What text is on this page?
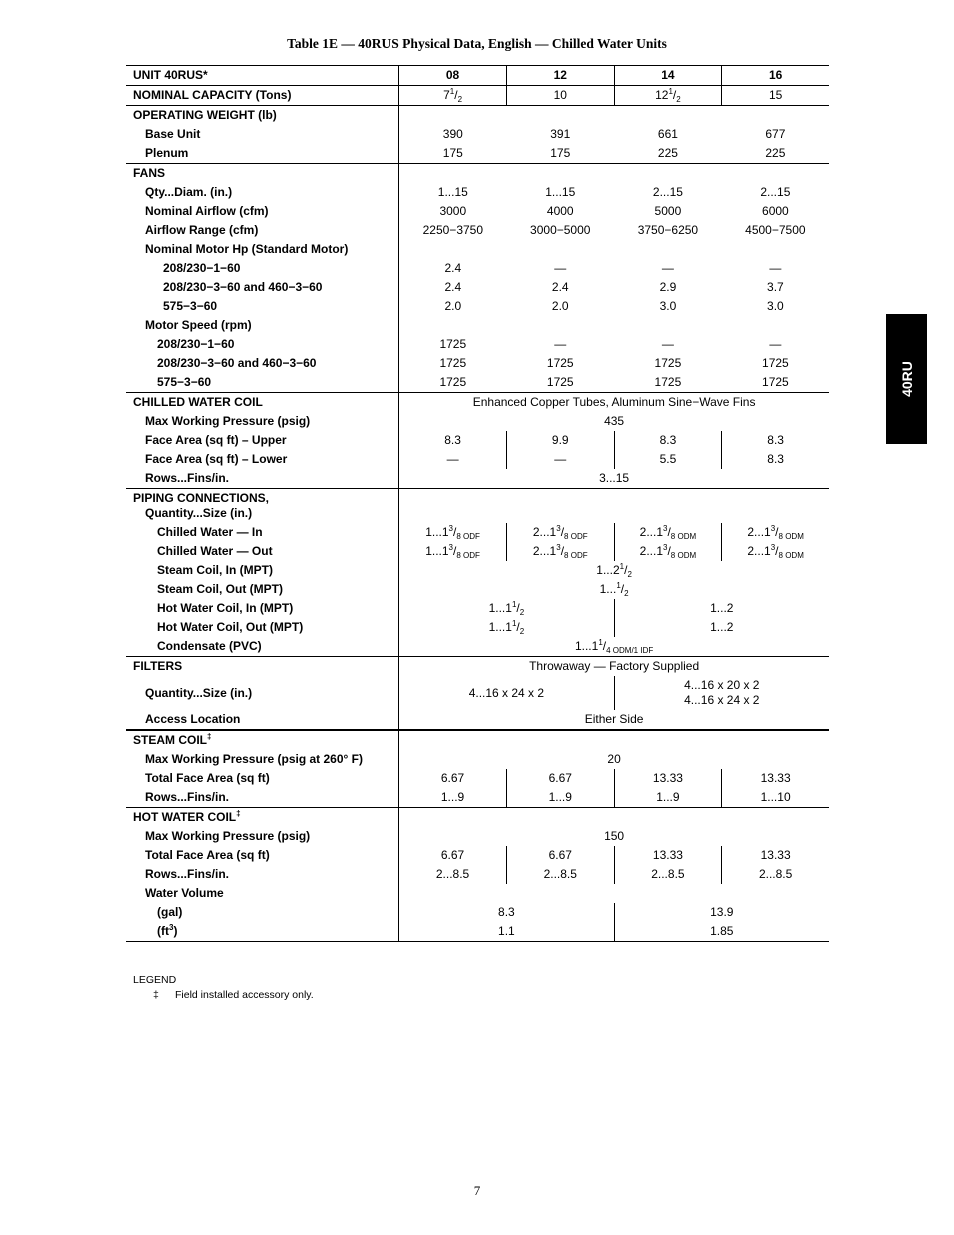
Table 1E — 40RUS Physical Data, English — Chilled Water Units
40RU
UNIT 40RUS*	08	12	14	16
NOMINAL CAPACITY (Tons)	$7^1/_2$	10	$12^1/_2$	15
OPERATING WEIGHT (lb)				
Base Unit	390	391	661	677
Plenum	175	175	225	225
FANS				
Qty...Diam. (in.)	1...15	1...15	2...15	2...15
Nominal Airflow (cfm)	3000	4000	5000	6000
Airflow Range (cfm)	2250−3750	3000−5000	3750−6250	4500−7500
Nominal Motor Hp (Standard Motor)				
208/230−1−60	2.4	—	—	—
208/230−3−60 and 460−3−60	2.4	2.4	2.9	3.7
575−3−60	2.0	2.0	3.0	3.0
Motor Speed (rpm)				
208/230−1−60	1725	—	—	—
208/230−3−60 and 460−3−60	1725	1725	1725	1725
575−3−60	1725	1725	1725	1725
CHILLED WATER COIL	Enhanced Copper Tubes, Aluminum Sine−Wave Fins			
Max Working Pressure (psig)	435			
Face Area (sq ft) – Upper	8.3	9.9	8.3	8.3
Face Area (sq ft) – Lower	—	—	5.5	8.3
Rows...Fins/in.	3...15			
PIPING CONNECTIONS,
Quantity...Size (in.)				
Chilled Water — In	$1...1^3/_{8 ODF}$	$2...1^3/_{8 ODF}$	$2...1^3/_{8 ODM}$	$2...1^3/_{8 ODM}$
Chilled Water — Out	$1...1^3/_{8 ODF}$	$2...1^3/_{8 ODF}$	$2...1^3/_{8 ODM}$	$2...1^3/_{8 ODM}$
Steam Coil, In (MPT)	$1...2^1/_2$
Steam Coil, Out (MPT)	$1...^1/_2$
Hot Water Coil, In (MPT)	$1...1^1/_2$		1...2	
Hot Water Coil, Out (MPT)	$1...1^1/_2$		1...2	
Condensate (PVC)	$1...1^1/_{4 ODM/1 IDF}$
FILTERS	Throwaway — Factory Supplied			
Quantity...Size (in.)	4...16 x 24 x 2		4...16 x 20 x 2
4...16 x 24 x 2	
Access Location	Either Side			
STEAM COIL‡	
Max Working Pressure (psig at 260° F)	20			
Total Face Area (sq ft)	6.67	6.67	13.33	13.33
Rows...Fins/in.	1...9	1...9	1...9	1...10
HOT WATER COIL‡	
Max Working Pressure (psig)	150			
Total Face Area (sq ft)	6.67	6.67	13.33	13.33
Rows...Fins/in.	2...8.5	2...8.5	2...8.5	2...8.5
Water Volume				
(gal)	8.3		13.9	
$(ft^3)$	1.1		1.85	
LEGEND
‡ Field installed accessory only.
7
